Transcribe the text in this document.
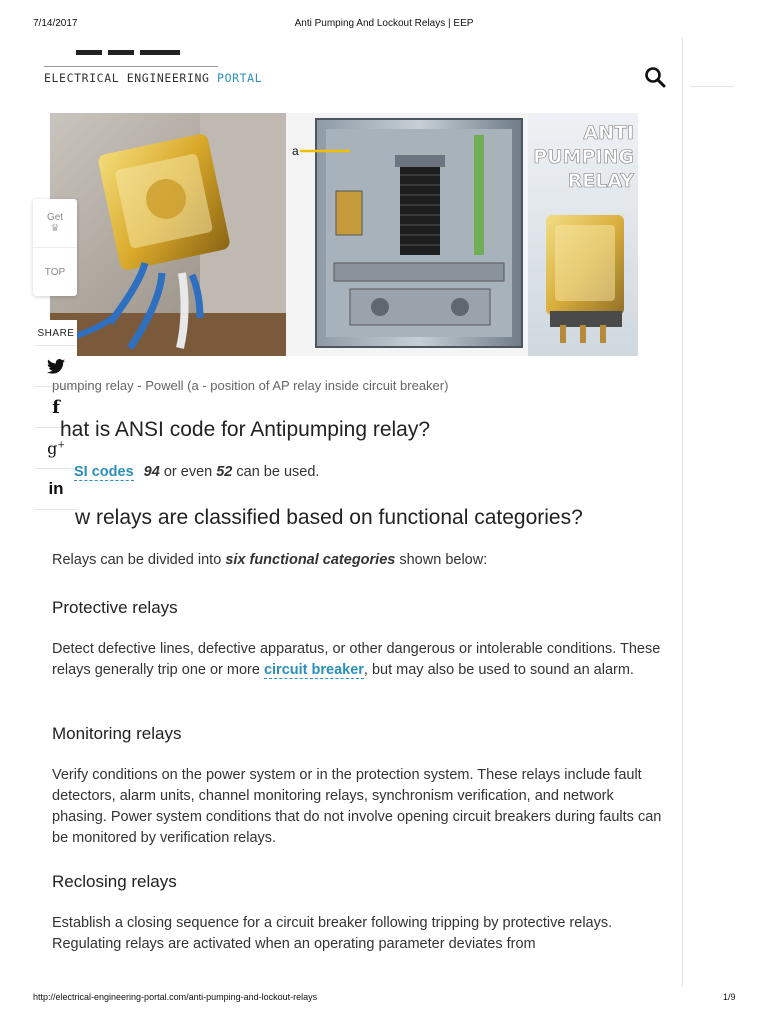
7/14/2017	Anti Pumping And Lockout Relays | EEP
ELECTRICAL ENGINEERING PORTAL
a
ANTI
PUMPING
RELAY
Get
♛
TOP
SHARE
f
g+
in
pumping relay - Powell (a - position of AP relay inside circuit breaker)
hat is ANSI code for Antipumping relay?
SI codes 94 or even 52 can be used.
w relays are classified based on functional categories?
Relays can be divided into six functional categories shown below:
Protective relays
Detect defective lines, defective apparatus, or other dangerous or intolerable conditions. These relays generally trip one or more circuit breaker, but may also be used to sound an alarm.
Monitoring relays
Verify conditions on the power system or in the protection system. These relays include fault detectors, alarm units, channel monitoring relays, synchronism verification, and network phasing. Power system conditions that do not involve opening circuit breakers during faults can be monitored by verification relays.
Reclosing relays
Establish a closing sequence for a circuit breaker following tripping by protective relays. Regulating relays are activated when an operating parameter deviates from
http://electrical-engineering-portal.com/anti-pumping-and-lockout-relays	1/9
